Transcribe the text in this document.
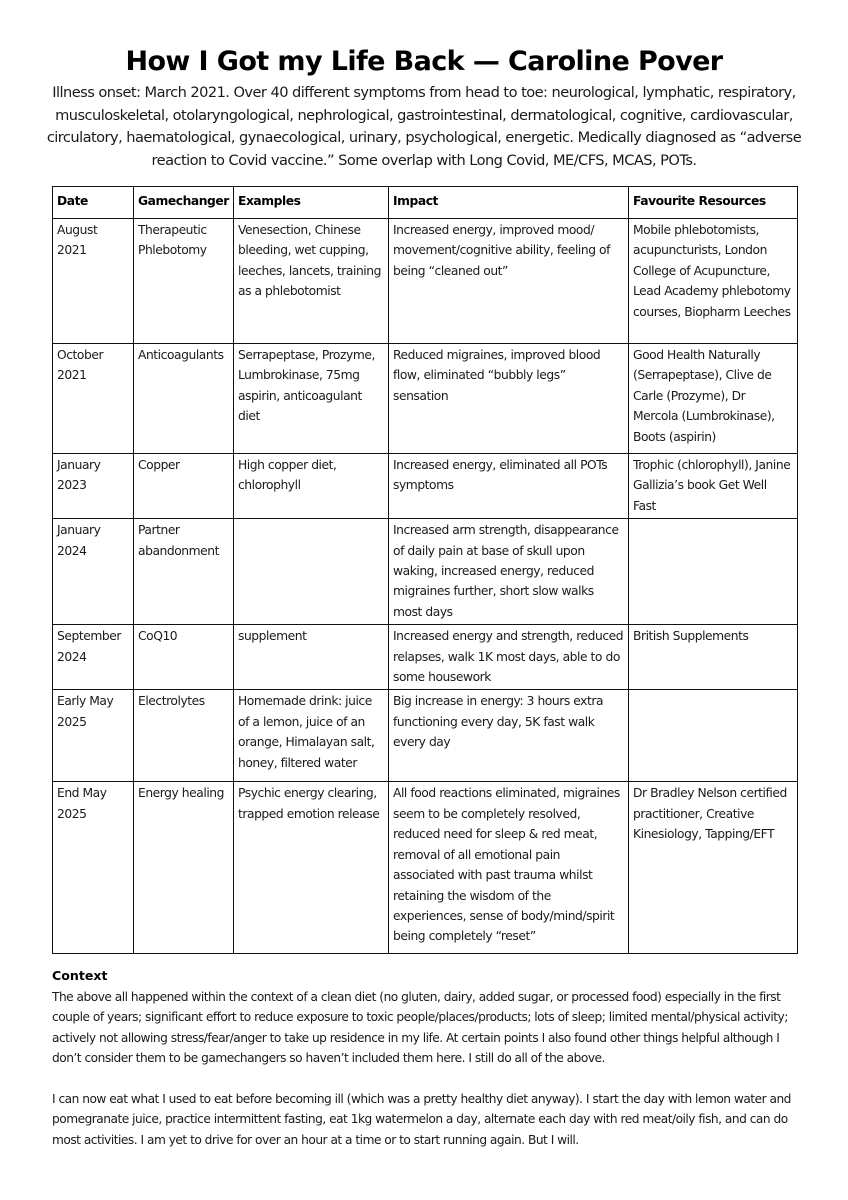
How I Got my Life Back — Caroline Pover

Illness onset: March 2021. Over 40 different symptoms from head to toe: neurological, lymphatic, respiratory, musculoskeletal, otolaryngological, nephrological, gastrointestinal, dermatological, cognitive, cardiovascular, circulatory, haematological, gynaecological, urinary, psychological, energetic. Medically diagnosed as “adverse reaction to Covid vaccine.” Some overlap with Long Covid, ME/CFS, MCAS, POTs.

Date	Gamechanger	Examples	Impact	Favourite Resources
August 2021	Therapeutic Phlebotomy	Venesection, Chinese bleeding, wet cupping, leeches, lancets, training as a phlebotomist	Increased energy, improved mood/ movement/cognitive ability, feeling of being “cleaned out”	Mobile phlebotomists, acupuncturists, London College of Acupuncture, Lead Academy phlebotomy courses, Biopharm Leeches
October 2021	Anticoagulants	Serrapeptase, Prozyme, Lumbrokinase, 75mg aspirin, anticoagulant diet	Reduced migraines, improved blood flow, eliminated “bubbly legs” sensation	Good Health Naturally (Serrapeptase), Clive de Carle (Prozyme), Dr Mercola (Lumbrokinase), Boots (aspirin)
January 2023	Copper	High copper diet, chlorophyll	Increased energy, eliminated all POTs symptoms	Trophic (chlorophyll), Janine Gallizia’s book Get Well Fast
January 2024	Partner abandonment		Increased arm strength, disappearance of daily pain at base of skull upon waking, increased energy, reduced migraines further, short slow walks most days	
September 2024	CoQ10	supplement	Increased energy and strength, reduced relapses, walk 1K most days, able to do some housework	British Supplements
Early May 2025	Electrolytes	Homemade drink: juice of a lemon, juice of an orange, Himalayan salt, honey, filtered water	Big increase in energy: 3 hours extra functioning every day, 5K fast walk every day	
End May 2025	Energy healing	Psychic energy clearing, trapped emotion release	All food reactions eliminated, migraines seem to be completely resolved, reduced need for sleep & red meat, removal of all emotional pain associated with past trauma whilst retaining the wisdom of the experiences, sense of body/mind/spirit being completely “reset”	Dr Bradley Nelson certified practitioner, Creative Kinesiology, Tapping/EFT
Context

The above all happened within the context of a clean diet (no gluten, dairy, added sugar, or processed food) especially in the first couple of years; significant effort to reduce exposure to toxic people/places/products; lots of sleep; limited mental/physical activity; actively not allowing stress/fear/anger to take up residence in my life. At certain points I also found other things helpful although I don’t consider them to be gamechangers so haven’t included them here. I still do all of the above.

I can now eat what I used to eat before becoming ill (which was a pretty healthy diet anyway). I start the day with lemon water and pomegranate juice, practice intermittent fasting, eat 1kg watermelon a day, alternate each day with red meat/oily fish, and can do most activities. I am yet to drive for over an hour at a time or to start running again. But I will.
